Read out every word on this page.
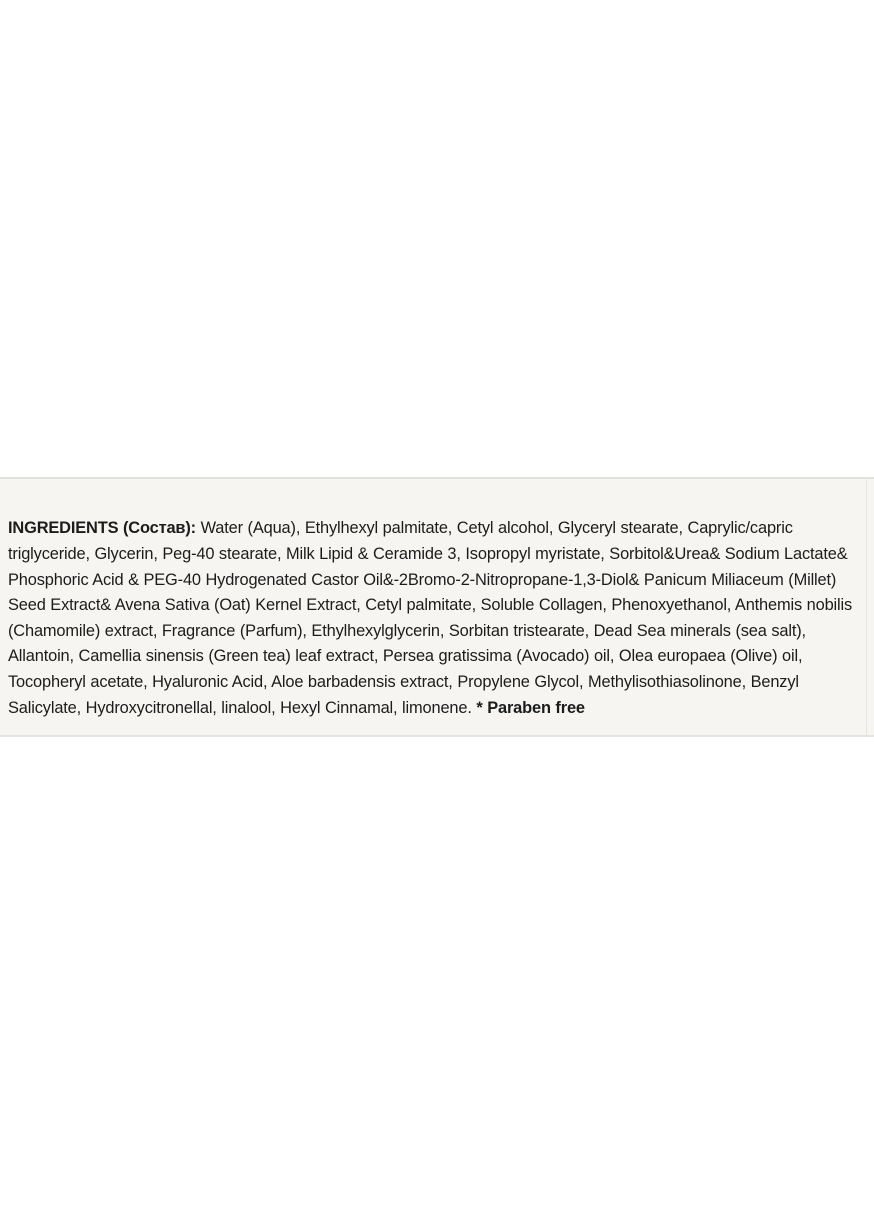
INGREDIENTS (Состав): Water (Aqua), Ethylhexyl palmitate, Cetyl alcohol, Glyceryl stearate, Caprylic/capric triglyceride, Glycerin, Peg-40 stearate, Milk Lipid & Ceramide 3, Isopropyl myristate, Sorbitol&Urea& Sodium Lactate& Phosphoric Acid & PEG-40 Hydrogenated Castor Oil&-2Bromo-2-Nitropropane-1,3-Diol& Panicum Miliaceum (Millet) Seed Extract& Avena Sativa (Oat) Kernel Extract, Cetyl palmitate, Soluble Collagen, Phenoxyethanol, Anthemis nobilis (Chamomile) extract, Fragrance (Parfum), Ethylhexylglycerin, Sorbitan tristearate, Dead Sea minerals (sea salt), Allantoin, Camellia sinensis (Green tea) leaf extract, Persea gratissima (Avocado) oil, Olea europaea (Olive) oil, Tocopheryl acetate, Hyaluronic Acid, Aloe barbadensis extract, Propylene Glycol, Methylisothiasolinone, Benzyl Salicylate, Hydroxycitronellal, linalool, Hexyl Cinnamal, limonene. * Paraben free
